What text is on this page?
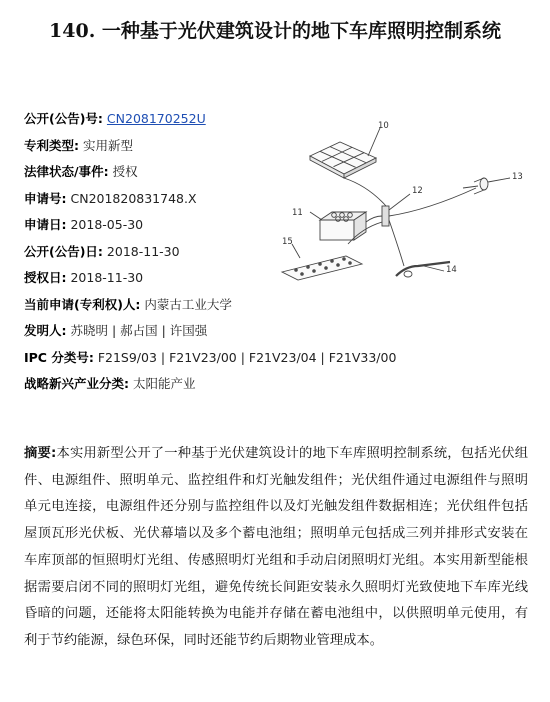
140. 一种基于光伏建筑设计的地下车库照明控制系统
公开(公告)号: CN208170252U
专利类型: 实用新型
法律状态/事件: 授权
申请号: CN201820831748.X
申请日: 2018-05-30
公开(公告)日: 2018-11-30
授权日: 2018-11-30
当前申请(专利权)人: 内蒙古工业大学
发明人: 苏晓明 | 郝占国 | 许国强
IPC 分类号: F21S9/03 | F21V23/00 | F21V23/04 | F21V33/00
战略新兴产业分类: 太阳能产业
10
11
12
13
14
15
摘要:本实用新型公开了一种基于光伏建筑设计的地下车库照明控制系统，包括光伏组件、电源组件、照明单元、监控组件和灯光触发组件；光伏组件通过电源组件与照明单元电连接，电源组件还分别与监控组件以及灯光触发组件数据相连；光伏组件包括屋顶瓦形光伏板、光伏幕墙以及多个蓄电池组；照明单元包括成三列并排形式安装在车库顶部的恒照明灯光组、传感照明灯光组和手动启闭照明灯光组。本实用新型能根据需要启闭不同的照明灯光组，避免传统长间距安装永久照明灯光致使地下车库光线昏暗的问题，还能将太阳能转换为电能并存储在蓄电池组中，以供照明单元使用，有利于节约能源，绿色环保，同时还能节约后期物业管理成本。
